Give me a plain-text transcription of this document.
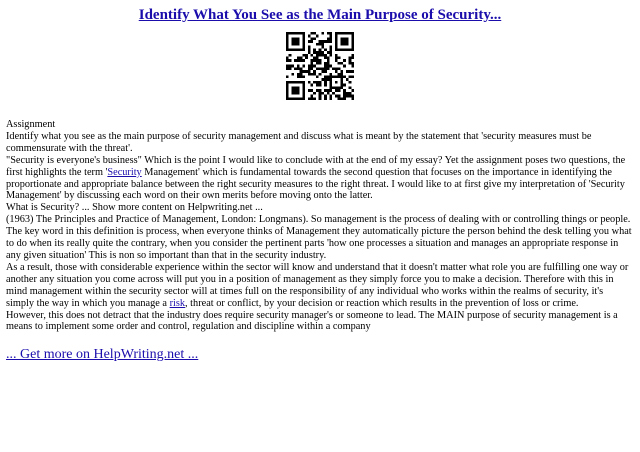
Identify What You See as the Main Purpose of Security...

Assignment

Identify what you see as the main purpose of security management and discuss what is meant by the statement that 'security measures must be commensurate with the threat'.

"Security is everyone's business" Which is the point I would like to conclude with at the end of my essay? Yet the assignment poses two questions, the first highlights the term 'Security Management' which is fundamental towards the second question that focuses on the importance in identifying the proportionate and appropriate balance between the right security measures to the right threat. I would like to at first give my interpretation of 'Security Management' by discussing each word on their own merits before moving onto the latter.

What is Security? ... Show more content on Helpwriting.net ...

(1963) The Principles and Practice of Management, London: Longmans). So management is the process of dealing with or controlling things or people. The key word in this definition is process, when everyone thinks of Management they automatically picture the person behind the desk telling you what to do when its really quite the contrary, when you consider the pertinent parts 'how one processes a situation and manages an appropriate response in any given situation' This is non so important than that in the security industry.

As a result, those with considerable experience within the sector will know and understand that it doesn't matter what role you are fulfilling one way or another any situation you come across will put you in a position of management as they simply force you to make a decision. Therefore with this in mind management within the security sector will at times full on the responsibility of any individual who works within the realms of security, it's simply the way in which you manage a risk, threat or conflict, by your decision or reaction which results in the prevention of loss or crime.

However, this does not detract that the industry does require security manager's or someone to lead. The MAIN purpose of security management is a means to implement some order and control, regulation and discipline within a company

... Get more on HelpWriting.net ...
